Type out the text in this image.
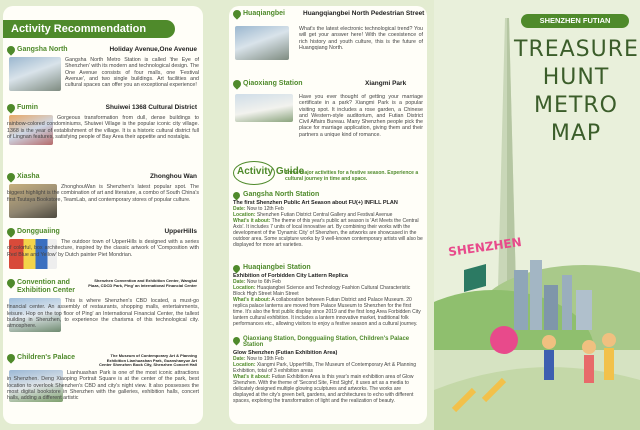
Activity Recommendation
Gangsha North	Holiday Avenue,One Avenue
Gangsha North Metro Station is called 'the Eye of Shenzhen' with its modern and technological design. The One Avenue consists of four malls, one 'Festival Avenue', and two single buildings. Art facilities and cultural spaces can offer you an exceptional experience!
Fumin	Shuiwei 1368 Cultural District
Gorgeous transformation from dull, dense buildings to rainbow-colored condominiums, Shuiwei Village is the popular iconic city village. 1368 is the year of establishment of the village. It is a historic cultural district full of Lingnan features, satisfying people of Bay Area their appetite and nostalgia.
Xiasha	Zhonghou Wan
ZhonghouWan is Shenzhen's latest popular spot. The biggest highlight is the combination of art and literature, a combo of South China's first Tsutaya Bookstore, TeamLab, and contemporary stores of popular culture.
Dongguaiing	UpperHills
The outdoor town of UpperHills is designed with a series of colorful, box architecture, inspired by the classic artwork of 'Composition with Red Blue and Yellow' by Dutch painter Piet Mondrian.
Convention and Exhibition Center
Shenzhen Convention and Exhibition Center, Wangkai Plaza, CDCD Park, Ping' an International Financial Center
This is where Shenzhen's CBD located, a must-go financial center. An assembly of restaurants, shopping malls, entertainments, leisure. Hop on the top floor of Ping' an International Financial Center, the tallest building in Shenzhen, to experience the charisma of this technological city. atmosphere.
Children's Palace	The Museum of Contemporary Art & Planning Exhibition Lianhuashan Park, Guanshanyue Art Center Shenzhen Book City, Shenzhen Concert Hall
Lianhuashan Park is one of the most iconic attractions in Shenzhen. Deng Xiaoping Portrait Square is at the center of the park, best location to overlook Shenzhen's CBD and city's night view. It also possesses the most digital bookstore in Shenzhen with the galleries, exhibition halls, concert halls, adding a different artistic
Huaqiangbei	Huangqiangbei North Pedestrian Street
What's the latest electronic technological trend? You will get your answer here! With the coexistence of rich history and youth culture, this is the future of Huangqiang North.
Qiaoxiang Station	Xiangmi Park
Have you ever thought of getting your marriage certificate in a park? Xiangmi Park is a popular visiting spot. It includes a rose garden, a Chinese and Western-style auditorium, and Futian District Civil Affairs Bureau. Many Shenzhen people pick the place for marriage application, giving them and their partners a unique kind of romance.
Activity Guide
Three major activities for a festive season. Experience a cultural journey in time and space.
Gangsha North Station
The first Shenzhen Public Art Season about FU(+) INFILL PLAN
Date: Now to 12th Feb
Location: Shenzhen Futian District Central Gallery and Festival Avenue
What's it about: The theme of this year's public art season is 'Art Meets the Central Axis'. It includes 7 units of local innovative art. By combining their works with the development of the 'Dynamic City' of Shenzhen, the artworks are showcased in the outdoor area. Some sculpture works by 9 well-known contemporary artists will also be displayed for more art varieties.
Huaqiangbei Station
Exhibition of Forbidden City Lattern Replica
Date: Now to 6th Feb
Location: Huaqiangbei Science and Technology Fashion Cultural Characteristic Block High Street Main Street
What's it about: A collaboration between Futian District and Palace Museum. 20 replica palace lanterns are moved from Palace Museum to Shenzhen for the first time. It's also the first public display since 2019 and the first long Area Forbidden City lantern cultural exhibition. It includes a lantern innovative market, traditional folk performances etc., allowing visitors to enjoy a festive season and a cultural journey.
Qiaoxiang Station, Dongguaiing Station, Children's Palace Station
Glow Shenzhen (Futian Exhibition Area)
Date: Now to 19th Feb
Location: Xiangmi Park, UpperHills, The Museum of Contemporary Art & Planning Exhibition, total of 3 exhibition areas
What's it about: Futian Exhibition Area is this year's main exhibition area of Glow Shenzhen. With the theme of 'Second Site, First Sight', it uses art as a media to delicately designed multiple glowing sculptures and artworks. The works are displayed at the city's green belt, gardens, and architectures to echo with different spaces, exploring the transformation of light and the realization of beauty.
SHENZHEN FUTIAN
TREASURE
HUNT
METRO
MAP
SHENZHEN
